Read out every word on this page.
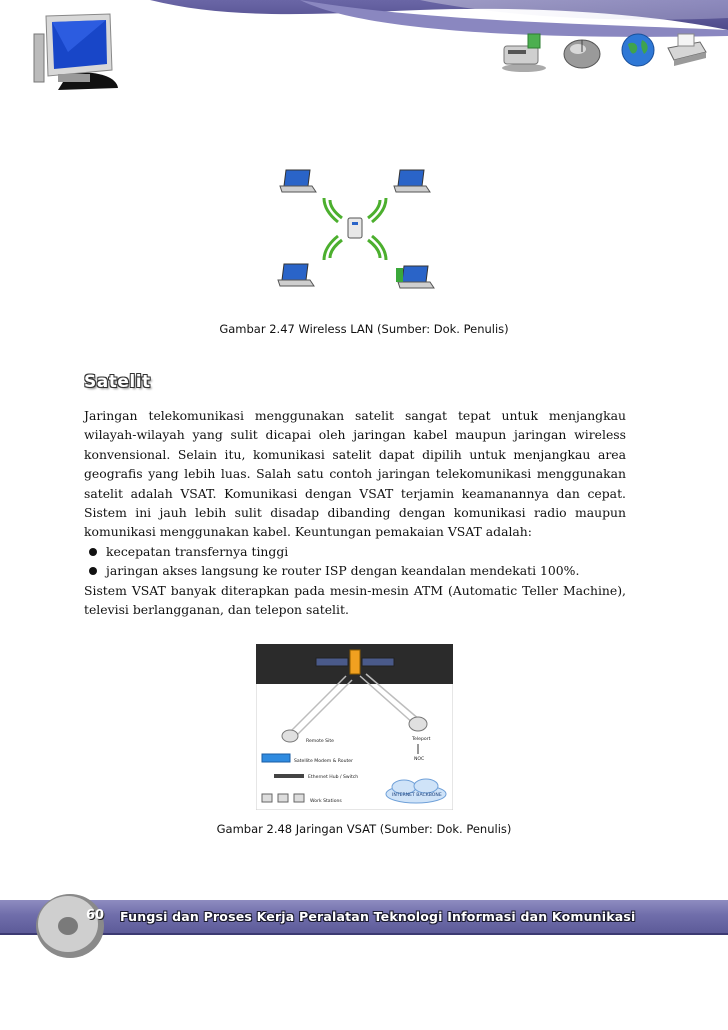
Gambar 2.47 Wireless LAN (Sumber: Dok. Penulis)
Satelit

Jaringan telekomunikasi menggunakan satelit sangat tepat untuk menjangkau wilayah-wilayah yang sulit dicapai oleh jaringan kabel maupun jaringan wireless konvensional. Selain itu, komunikasi satelit dapat dipilih untuk menjangkau area geografis yang lebih luas. Salah satu contoh jaringan telekomunikasi menggunakan satelit adalah VSAT. Komunikasi dengan VSAT terjamin keamanannya dan cepat. Sistem ini jauh lebih sulit disadap dibanding dengan komunikasi radio maupun komunikasi menggunakan kabel. Keuntungan pemakaian VSAT adalah:

kecepatan transfernya tinggi
jaringan akses langsung ke router ISP dengan keandalan mendekati 100%.

Sistem VSAT banyak diterapkan pada mesin-mesin ATM (Automatic Teller Machine), televisi berlangganan, dan telepon satelit.

Remote Site	Teleport
Satellite Modem & Router
Ethernet Hub / Switch
NOC
INTERNET BACKBONE
Work Stations
Gambar 2.48 Jaringan VSAT (Sumber: Dok. Penulis)
60 Fungsi dan Proses Kerja Peralatan Teknologi Informasi dan Komunikasi
